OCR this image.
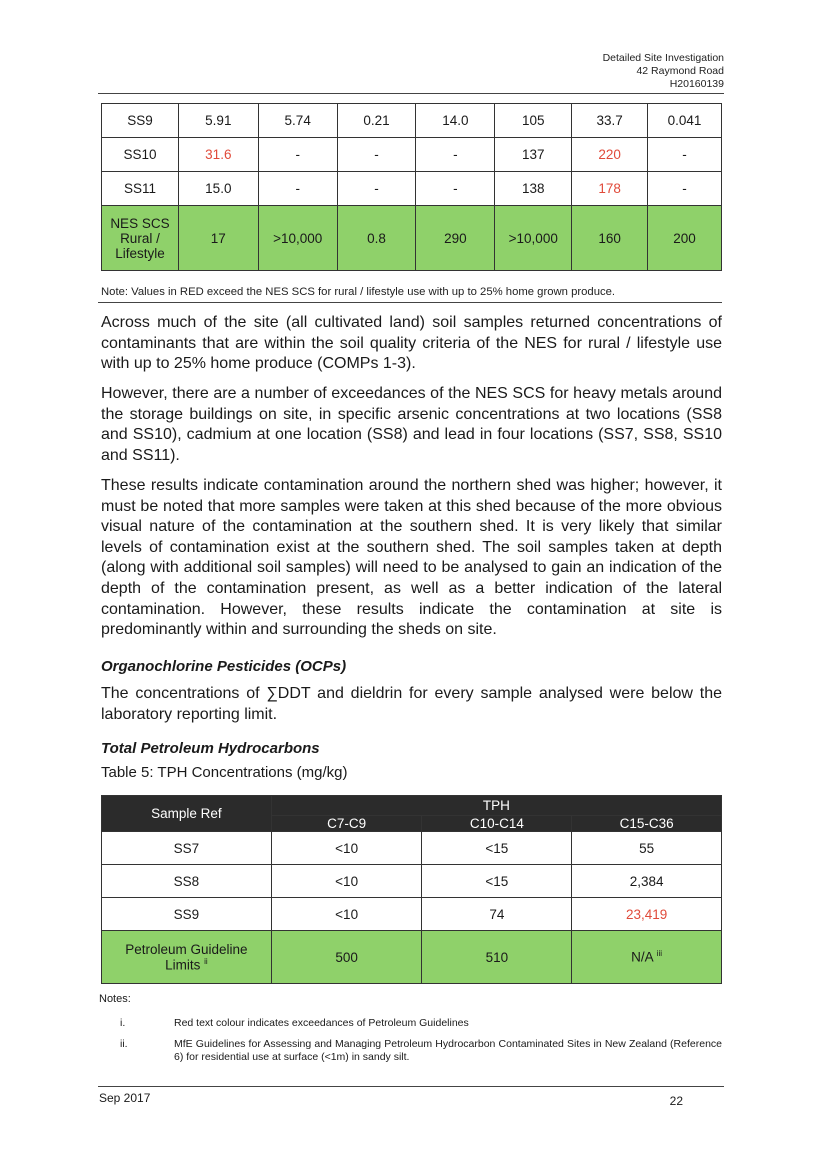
Detailed Site Investigation
42 Raymond Road
H20160139
SS9	5.91	5.74	0.21	14.0	105	33.7	0.041
SS10	31.6	-	-	-	137	220	-
SS11	15.0	-	-	-	138	178	-

NES SCS
Rural /
Lifestyle	17	>10,000	0.8	290	>10,000	160	200
Note: Values in RED exceed the NES SCS for rural / lifestyle use with up to 25% home grown produce.

Across much of the site (all cultivated land) soil samples returned concentrations of contaminants that are within the soil quality criteria of the NES for rural / lifestyle use with up to 25% home produce (COMPs 1-3).

However, there are a number of exceedances of the NES SCS for heavy metals around the storage buildings on site, in specific arsenic concentrations at two locations (SS8 and SS10), cadmium at one location (SS8) and lead in four locations (SS7, SS8, SS10 and SS11).

These results indicate contamination around the northern shed was higher; however, it must be noted that more samples were taken at this shed because of the more obvious visual nature of the contamination at the southern shed. It is very likely that similar levels of contamination exist at the southern shed. The soil samples taken at depth (along with additional soil samples) will need to be analysed to gain an indication of the depth of the contamination present, as well as a better indication of the lateral contamination. However, these results indicate the contamination at site is predominantly within and surrounding the sheds on site.

Organochlorine Pesticides (OCPs)

The concentrations of ∑DDT and dieldrin for every sample analysed were below the laboratory reporting limit.

Total Petroleum Hydrocarbons
Table 5: TPH Concentrations (mg/kg)
Sample Ref	TPH		
	C7-C9	C10-C14	C15-C36
SS7	<10	<15	55
SS8	<10	<15	2,384
SS9	<10	74	23,419

Petroleum Guideline
Limits $^{ii}$	500	510	N/A $^{iii}$
Notes:
i.	Red text colour indicates exceedances of Petroleum Guidelines
ii.	MfE Guidelines for Assessing and Managing Petroleum Hydrocarbon Contaminated Sites in New Zealand (Reference 6) for residential use at surface (<1m) in sandy silt.
Sep 2017	22
